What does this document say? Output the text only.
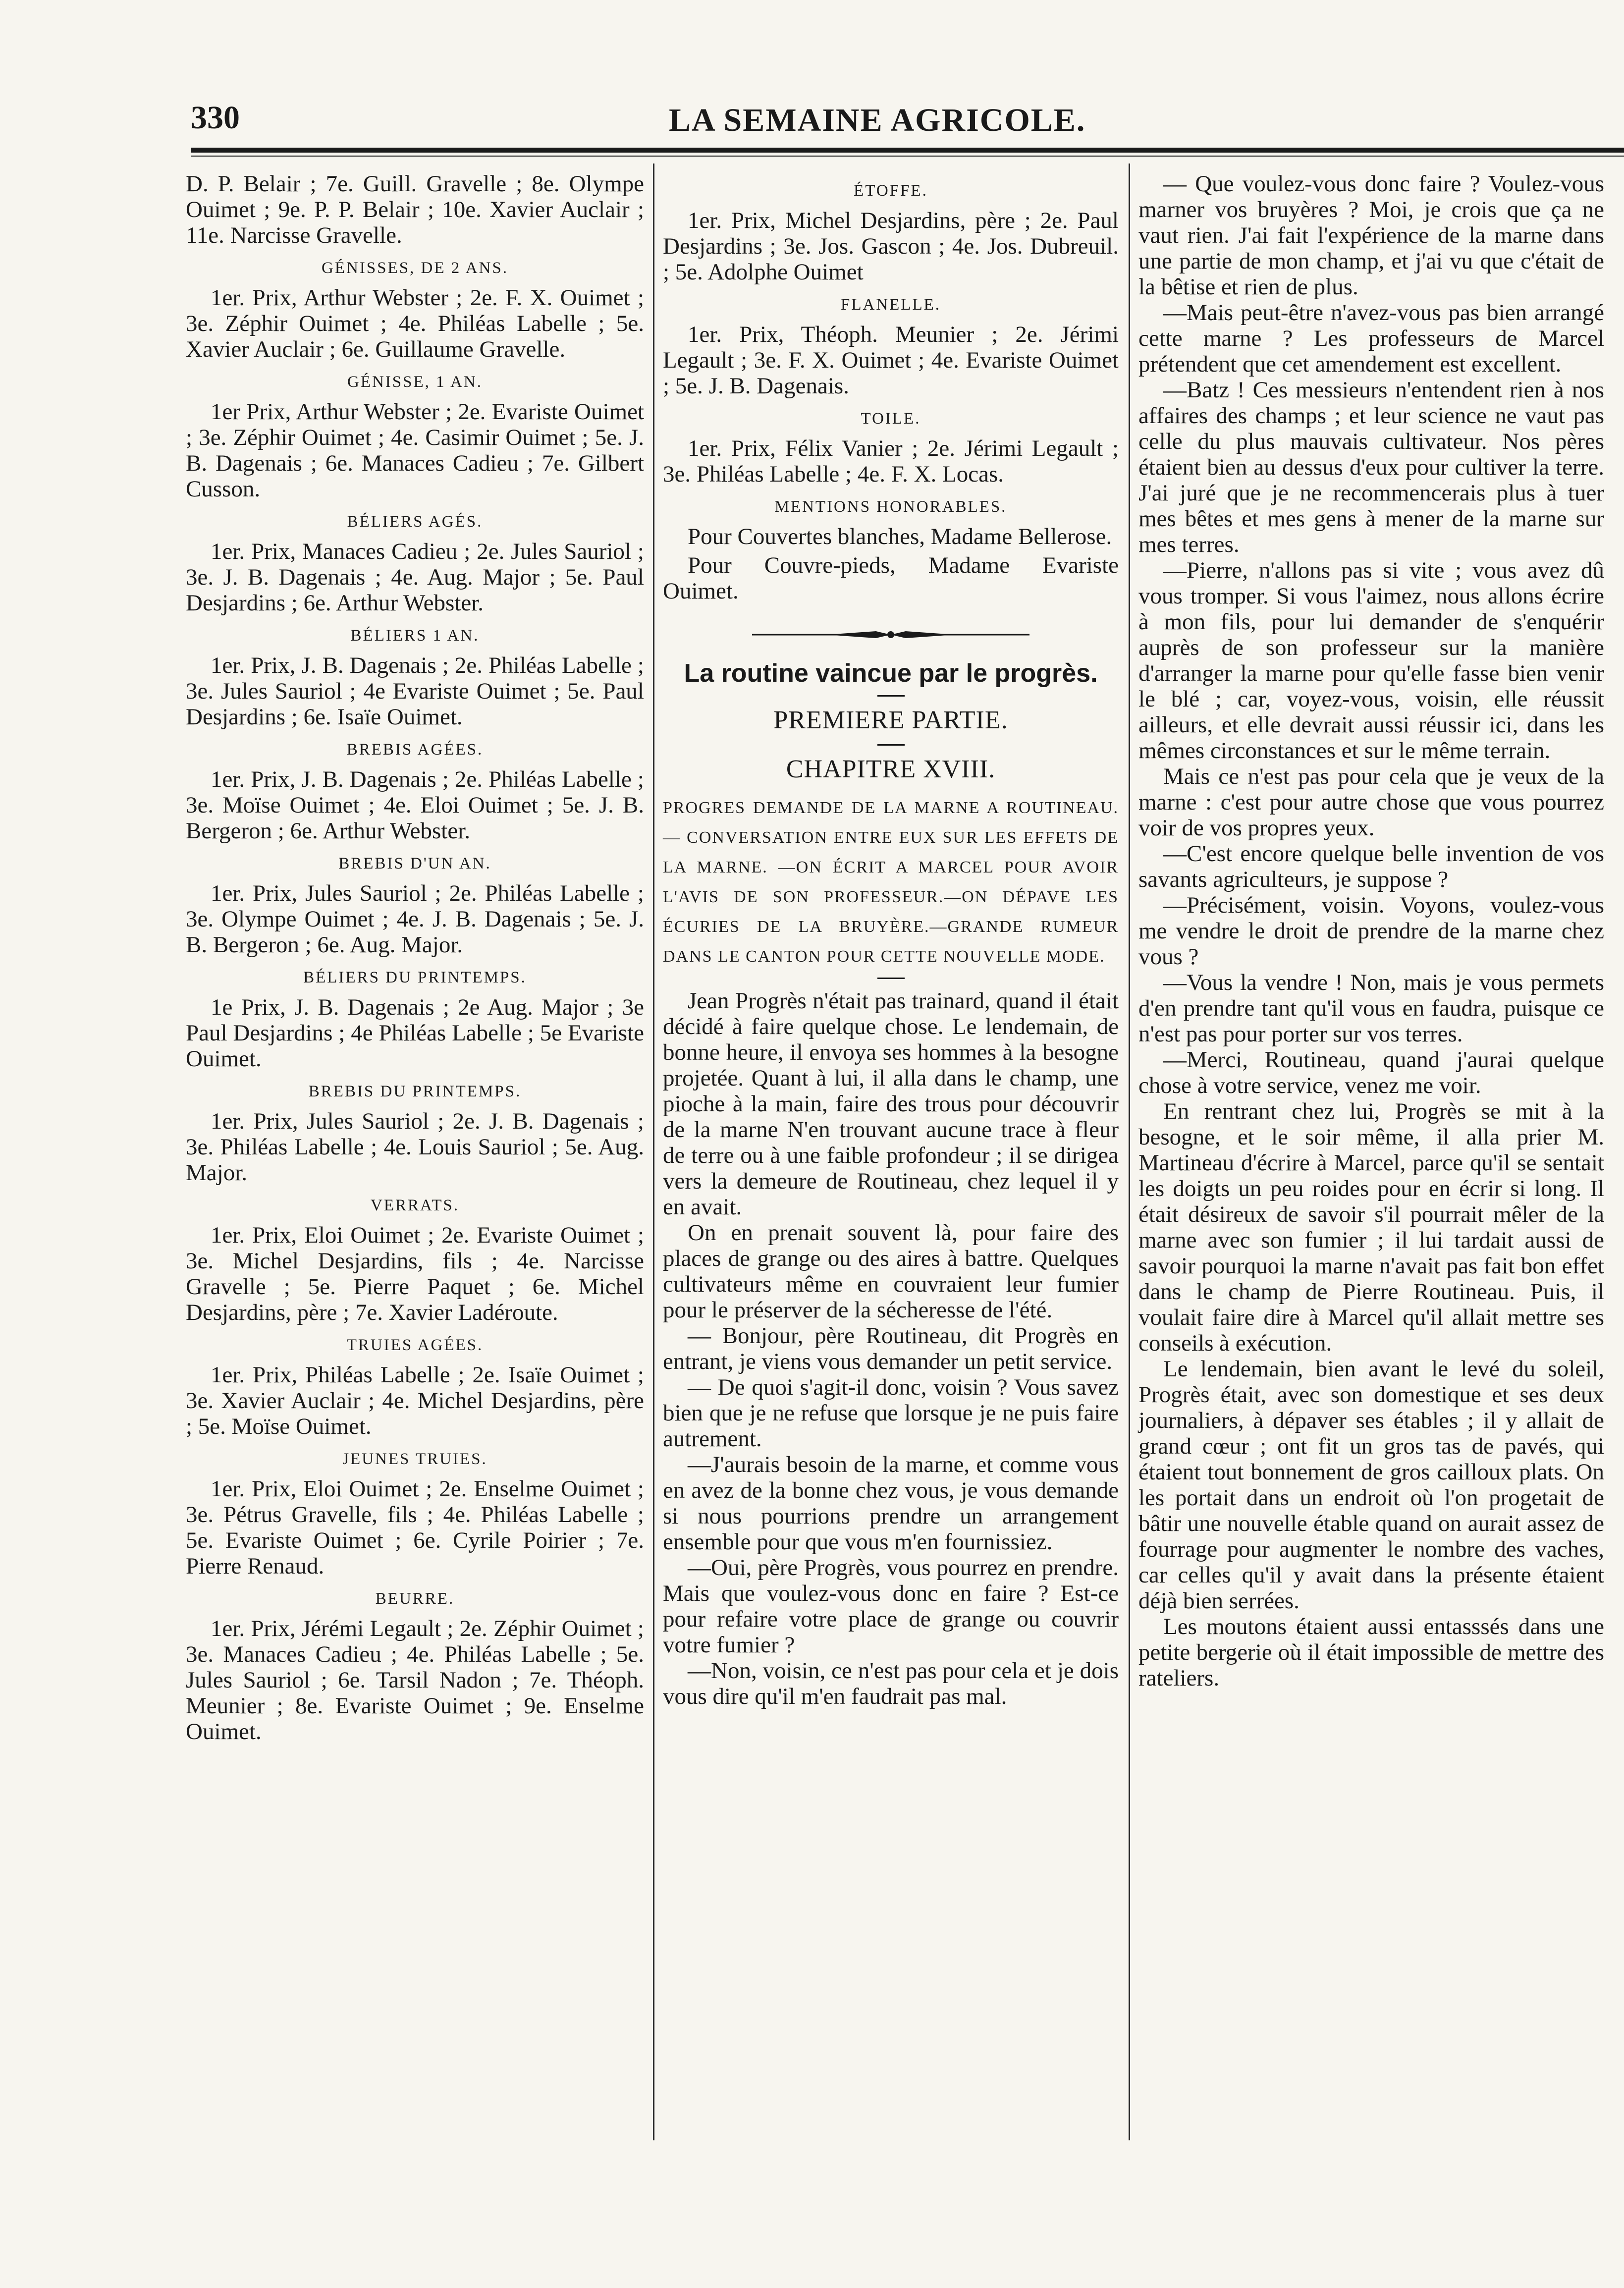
330	LA SEMAINE AGRICOLE.

D. P. Belair ; 7e. Guill. Gravelle ; 8e. Olympe Ouimet ; 9e. P. P. Belair ; 10e. Xavier Auclair ; 11e. Narcisse Gravelle.

GÉNISSES, DE 2 ANS.

1er. Prix, Arthur Webster ; 2e. F. X. Ouimet ; 3e. Zéphir Ouimet ; 4e. Philéas Labelle ; 5e. Xavier Auclair ; 6e. Guillaume Gravelle.

GÉNISSE, 1 AN.

1er Prix, Arthur Webster ; 2e. Evariste Ouimet ; 3e. Zéphir Ouimet ; 4e. Casimir Ouimet ; 5e. J. B. Dagenais ; 6e. Manaces Cadieu ; 7e. Gilbert Cusson.

BÉLIERS AGÉS.

1er. Prix, Manaces Cadieu ; 2e. Jules Sauriol ; 3e. J. B. Dagenais ; 4e. Aug. Major ; 5e. Paul Desjardins ; 6e. Arthur Webster.

BÉLIERS 1 AN.

1er. Prix, J. B. Dagenais ; 2e. Philéas Labelle ; 3e. Jules Sauriol ; 4e Evariste Ouimet ; 5e. Paul Desjardins ; 6e. Isaïe Ouimet.

BREBIS AGÉES.

1er. Prix, J. B. Dagenais ; 2e. Philéas Labelle ; 3e. Moïse Ouimet ; 4e. Eloi Ouimet ; 5e. J. B. Bergeron ; 6e. Arthur Webster.

BREBIS D'UN AN.

1er. Prix, Jules Sauriol ; 2e. Philéas Labelle ; 3e. Olympe Ouimet ; 4e. J. B. Dagenais ; 5e. J. B. Bergeron ; 6e. Aug. Major.

BÉLIERS DU PRINTEMPS.

1e Prix, J. B. Dagenais ; 2e Aug. Major ; 3e Paul Desjardins ; 4e Philéas Labelle ; 5e Evariste Ouimet.

BREBIS DU PRINTEMPS.

1er. Prix, Jules Sauriol ; 2e. J. B. Dagenais ; 3e. Philéas Labelle ; 4e. Louis Sauriol ; 5e. Aug. Major.

VERRATS.

1er. Prix, Eloi Ouimet ; 2e. Evariste Ouimet ; 3e. Michel Desjardins, fils ; 4e. Narcisse Gravelle ; 5e. Pierre Paquet ; 6e. Michel Desjardins, père ; 7e. Xavier Ladéroute.

TRUIES AGÉES.

1er. Prix, Philéas Labelle ; 2e. Isaïe Ouimet ; 3e. Xavier Auclair ; 4e. Michel Desjardins, père ; 5e. Moïse Ouimet.

JEUNES TRUIES.

1er. Prix, Eloi Ouimet ; 2e. Enselme Ouimet ; 3e. Pétrus Gravelle, fils ; 4e. Philéas Labelle ; 5e. Evariste Ouimet ; 6e. Cyrile Poirier ; 7e. Pierre Renaud.

BEURRE.

1er. Prix, Jérémi Legault ; 2e. Zéphir Ouimet ; 3e. Manaces Cadieu ; 4e. Philéas Labelle ; 5e. Jules Sauriol ; 6e. Tarsil Nadon ; 7e. Théoph. Meunier ; 8e. Evariste Ouimet ; 9e. Enselme Ouimet.

ÉTOFFE.

1er. Prix, Michel Desjardins, père ; 2e. Paul Desjardins ; 3e. Jos. Gascon ; 4e. Jos. Dubreuil. ; 5e. Adolphe Ouimet

FLANELLE.

1er. Prix, Théoph. Meunier ; 2e. Jérimi Legault ; 3e. F. X. Ouimet ; 4e. Evariste Ouimet ; 5e. J. B. Dagenais.

TOILE.

1er. Prix, Félix Vanier ; 2e. Jérimi Legault ; 3e. Philéas Labelle ; 4e. F. X. Locas.

MENTIONS HONORABLES.

Pour Couvertes blanches, Madame Bellerose.

Pour Couvre-pieds, Madame Evariste Ouimet.

La routine vaincue par le progrès.
PREMIERE PARTIE.
CHAPITRE XVIII.
PROGRES DEMANDE DE LA MARNE A ROUTINEAU.— CONVERSATION ENTRE EUX SUR LES EFFETS DE LA MARNE. —ON ÉCRIT A MARCEL POUR AVOIR L'AVIS DE SON PROFESSEUR.—ON DÉPAVE LES ÉCURIES DE LA BRUYÈRE.—GRANDE RUMEUR DANS LE CANTON POUR CETTE NOUVELLE MODE.

Jean Progrès n'était pas trainard, quand il était décidé à faire quelque chose. Le lendemain, de bonne heure, il envoya ses hommes à la besogne projetée. Quant à lui, il alla dans le champ, une pioche à la main, faire des trous pour découvrir de la marne N'en trouvant aucune trace à fleur de terre ou à une faible profondeur ; il se dirigea vers la demeure de Routineau, chez lequel il y en avait.

On en prenait souvent là, pour faire des places de grange ou des aires à battre. Quelques cultivateurs même en couvraient leur fumier pour le préserver de la sécheresse de l'été.

— Bonjour, père Routineau, dit Progrès en entrant, je viens vous demander un petit service.

— De quoi s'agit-il donc, voisin ? Vous savez bien que je ne refuse que lorsque je ne puis faire autrement.

—J'aurais besoin de la marne, et comme vous en avez de la bonne chez vous, je vous demande si nous pourrions prendre un arrangement ensemble pour que vous m'en fournissiez.

—Oui, père Progrès, vous pourrez en prendre. Mais que voulez-vous donc en faire ? Est-ce pour refaire votre place de grange ou couvrir votre fumier ?

—Non, voisin, ce n'est pas pour cela et je dois vous dire qu'il m'en faudrait pas mal.

— Que voulez-vous donc faire ? Voulez-vous marner vos bruyères ? Moi, je crois que ça ne vaut rien. J'ai fait l'expérience de la marne dans une partie de mon champ, et j'ai vu que c'était de la bêtise et rien de plus.

—Mais peut-être n'avez-vous pas bien arrangé cette marne ? Les professeurs de Marcel prétendent que cet amendement est excellent.

—Batz ! Ces messieurs n'entendent rien à nos affaires des champs ; et leur science ne vaut pas celle du plus mauvais cultivateur. Nos pères étaient bien au dessus d'eux pour cultiver la terre. J'ai juré que je ne recommencerais plus à tuer mes bêtes et mes gens à mener de la marne sur mes terres.

—Pierre, n'allons pas si vite ; vous avez dû vous tromper. Si vous l'aimez, nous allons écrire à mon fils, pour lui demander de s'enquérir auprès de son professeur sur la manière d'arranger la marne pour qu'elle fasse bien venir le blé ; car, voyez-vous, voisin, elle réussit ailleurs, et elle devrait aussi réussir ici, dans les mêmes circonstances et sur le même terrain.

Mais ce n'est pas pour cela que je veux de la marne : c'est pour autre chose que vous pourrez voir de vos propres yeux.

—C'est encore quelque belle invention de vos savants agriculteurs, je suppose ?

—Précisément, voisin. Voyons, voulez-vous me vendre le droit de prendre de la marne chez vous ?

—Vous la vendre ! Non, mais je vous permets d'en prendre tant qu'il vous en faudra, puisque ce n'est pas pour porter sur vos terres.

—Merci, Routineau, quand j'aurai quelque chose à votre service, venez me voir.

En rentrant chez lui, Progrès se mit à la besogne, et le soir même, il alla prier M. Martineau d'écrire à Marcel, parce qu'il se sentait les doigts un peu roides pour en écrir si long. Il était désireux de savoir s'il pourrait mêler de la marne avec son fumier ; il lui tardait aussi de savoir pourquoi la marne n'avait pas fait bon effet dans le champ de Pierre Routineau. Puis, il voulait faire dire à Marcel qu'il allait mettre ses conseils à exécution.

Le lendemain, bien avant le levé du soleil, Progrès était, avec son domestique et ses deux journaliers, à dépaver ses étables ; il y allait de grand cœur ; ont fit un gros tas de pavés, qui étaient tout bonnement de gros cailloux plats. On les portait dans un endroit où l'on progetait de bâtir une nouvelle étable quand on aurait assez de fourrage pour augmenter le nombre des vaches, car celles qu'il y avait dans la présente étaient déjà bien serrées.

Les moutons étaient aussi entasssés dans une petite bergerie où il était impossible de mettre des rateliers.
